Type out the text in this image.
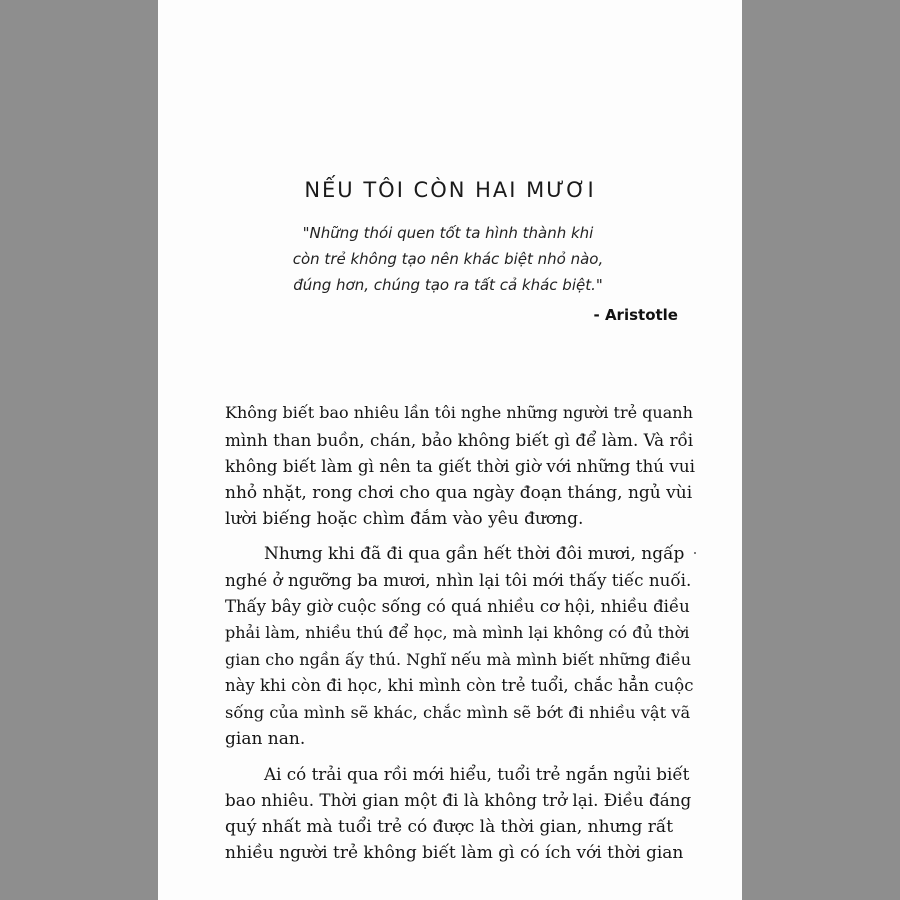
NẾU TÔI CÒN HAI MƯƠI

"Những thói quen tốt ta hình thành khi
còn trẻ không tạo nên khác biệt nhỏ nào,
đúng hơn, chúng tạo ra tất cả khác biệt."

- Aristotle

Không biết bao nhiêu lần tôi nghe những người trẻ quanh
mình than buồn, chán, bảo không biết gì để làm. Và rồi
không biết làm gì nên ta giết thời giờ với những thú vui
nhỏ nhặt, rong chơi cho qua ngày đoạn tháng, ngủ vùi
lười biếng hoặc chìm đắm vào yêu đương.

Nhưng khi đã đi qua gần hết thời đôi mươi, ngấp
nghé ở ngưỡng ba mươi, nhìn lại tôi mới thấy tiếc nuối.
Thấy bây giờ cuộc sống có quá nhiều cơ hội, nhiều điều
phải làm, nhiều thú để học, mà mình lại không có đủ thời
gian cho ngần ấy thú. Nghĩ nếu mà mình biết những điều
này khi còn đi học, khi mình còn trẻ tuổi, chắc hẳn cuộc
sống của mình sẽ khác, chắc mình sẽ bớt đi nhiều vật vã
gian nan.

Ai có trải qua rồi mới hiểu, tuổi trẻ ngắn ngủi biết
bao nhiêu. Thời gian một đi là không trở lại. Điều đáng
quý nhất mà tuổi trẻ có được là thời gian, nhưng rất
nhiều người trẻ không biết làm gì có ích với thời gian
